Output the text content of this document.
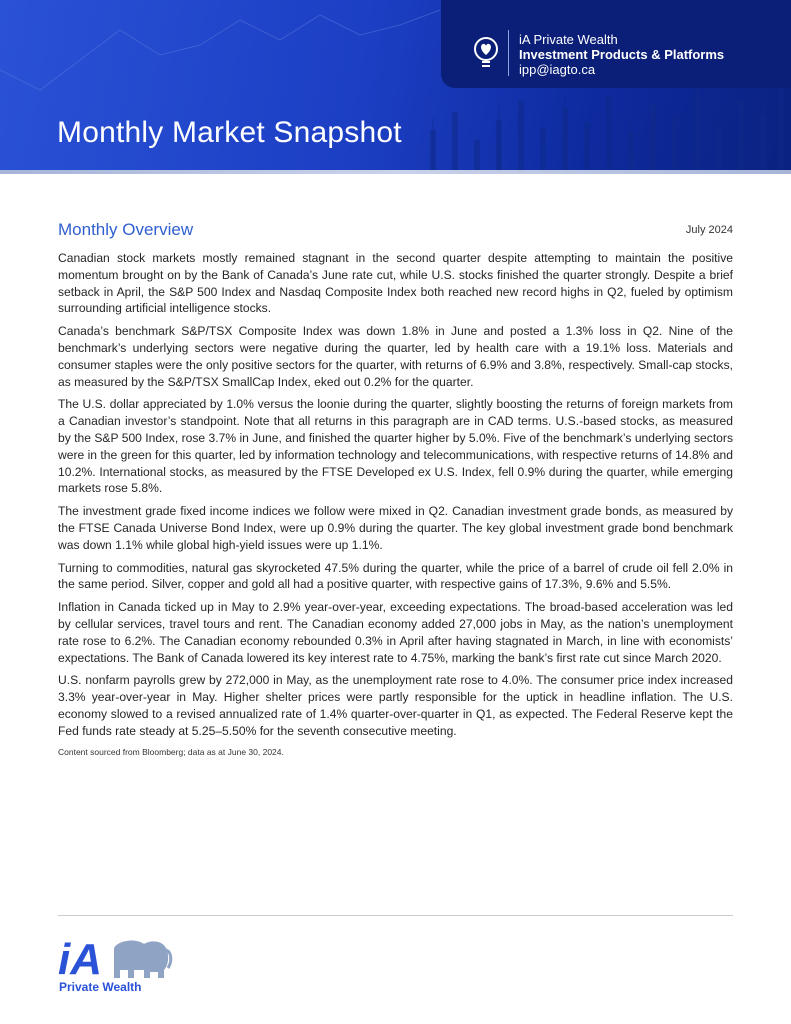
iA Private Wealth
Investment Products & Platforms
ipp@iagto.ca
Monthly Market Snapshot
Monthly Overview	July 2024

Canadian stock markets mostly remained stagnant in the second quarter despite attempting to maintain the positive momentum brought on by the Bank of Canada’s June rate cut, while U.S. stocks finished the quarter strongly. Despite a brief setback in April, the S&P 500 Index and Nasdaq Composite Index both reached new record highs in Q2, fueled by optimism surrounding artificial intelligence stocks.

Canada’s benchmark S&P/TSX Composite Index was down 1.8% in June and posted a 1.3% loss in Q2. Nine of the benchmark’s underlying sectors were negative during the quarter, led by health care with a 19.1% loss. Materials and consumer staples were the only positive sectors for the quarter, with returns of 6.9% and 3.8%, respectively. Small-cap stocks, as measured by the S&P/TSX SmallCap Index, eked out 0.2% for the quarter.

The U.S. dollar appreciated by 1.0% versus the loonie during the quarter, slightly boosting the returns of foreign markets from a Canadian investor’s standpoint. Note that all returns in this paragraph are in CAD terms. U.S.-based stocks, as measured by the S&P 500 Index, rose 3.7% in June, and finished the quarter higher by 5.0%. Five of the benchmark’s underlying sectors were in the green for this quarter, led by information technology and telecommunications, with respective returns of 14.8% and 10.2%. International stocks, as measured by the FTSE Developed ex U.S. Index, fell 0.9% during the quarter, while emerging markets rose 5.8%.

The investment grade fixed income indices we follow were mixed in Q2. Canadian investment grade bonds, as measured by the FTSE Canada Universe Bond Index, were up 0.9% during the quarter. The key global investment grade bond benchmark was down 1.1% while global high-yield issues were up 1.1%.

Turning to commodities, natural gas skyrocketed 47.5% during the quarter, while the price of a barrel of crude oil fell 2.0% in the same period. Silver, copper and gold all had a positive quarter, with respective gains of 17.3%, 9.6% and 5.5%.

Inflation in Canada ticked up in May to 2.9% year-over-year, exceeding expectations. The broad-based acceleration was led by cellular services, travel tours and rent. The Canadian economy added 27,000 jobs in May, as the nation’s unemployment rate rose to 6.2%. The Canadian economy rebounded 0.3% in April after having stagnated in March, in line with economists’ expectations. The Bank of Canada lowered its key interest rate to 4.75%, marking the bank’s first rate cut since March 2020.

U.S. nonfarm payrolls grew by 272,000 in May, as the unemployment rate rose to 4.0%. The consumer price index increased 3.3% year-over-year in May. Higher shelter prices were partly responsible for the uptick in headline inflation. The U.S. economy slowed to a revised annualized rate of 1.4% quarter-over-quarter in Q1, as expected. The Federal Reserve kept the Fed funds rate steady at 5.25–5.50% for the seventh consecutive meeting.

Content sourced from Bloomberg; data as at June 30, 2024.

iA
Private Wealth
